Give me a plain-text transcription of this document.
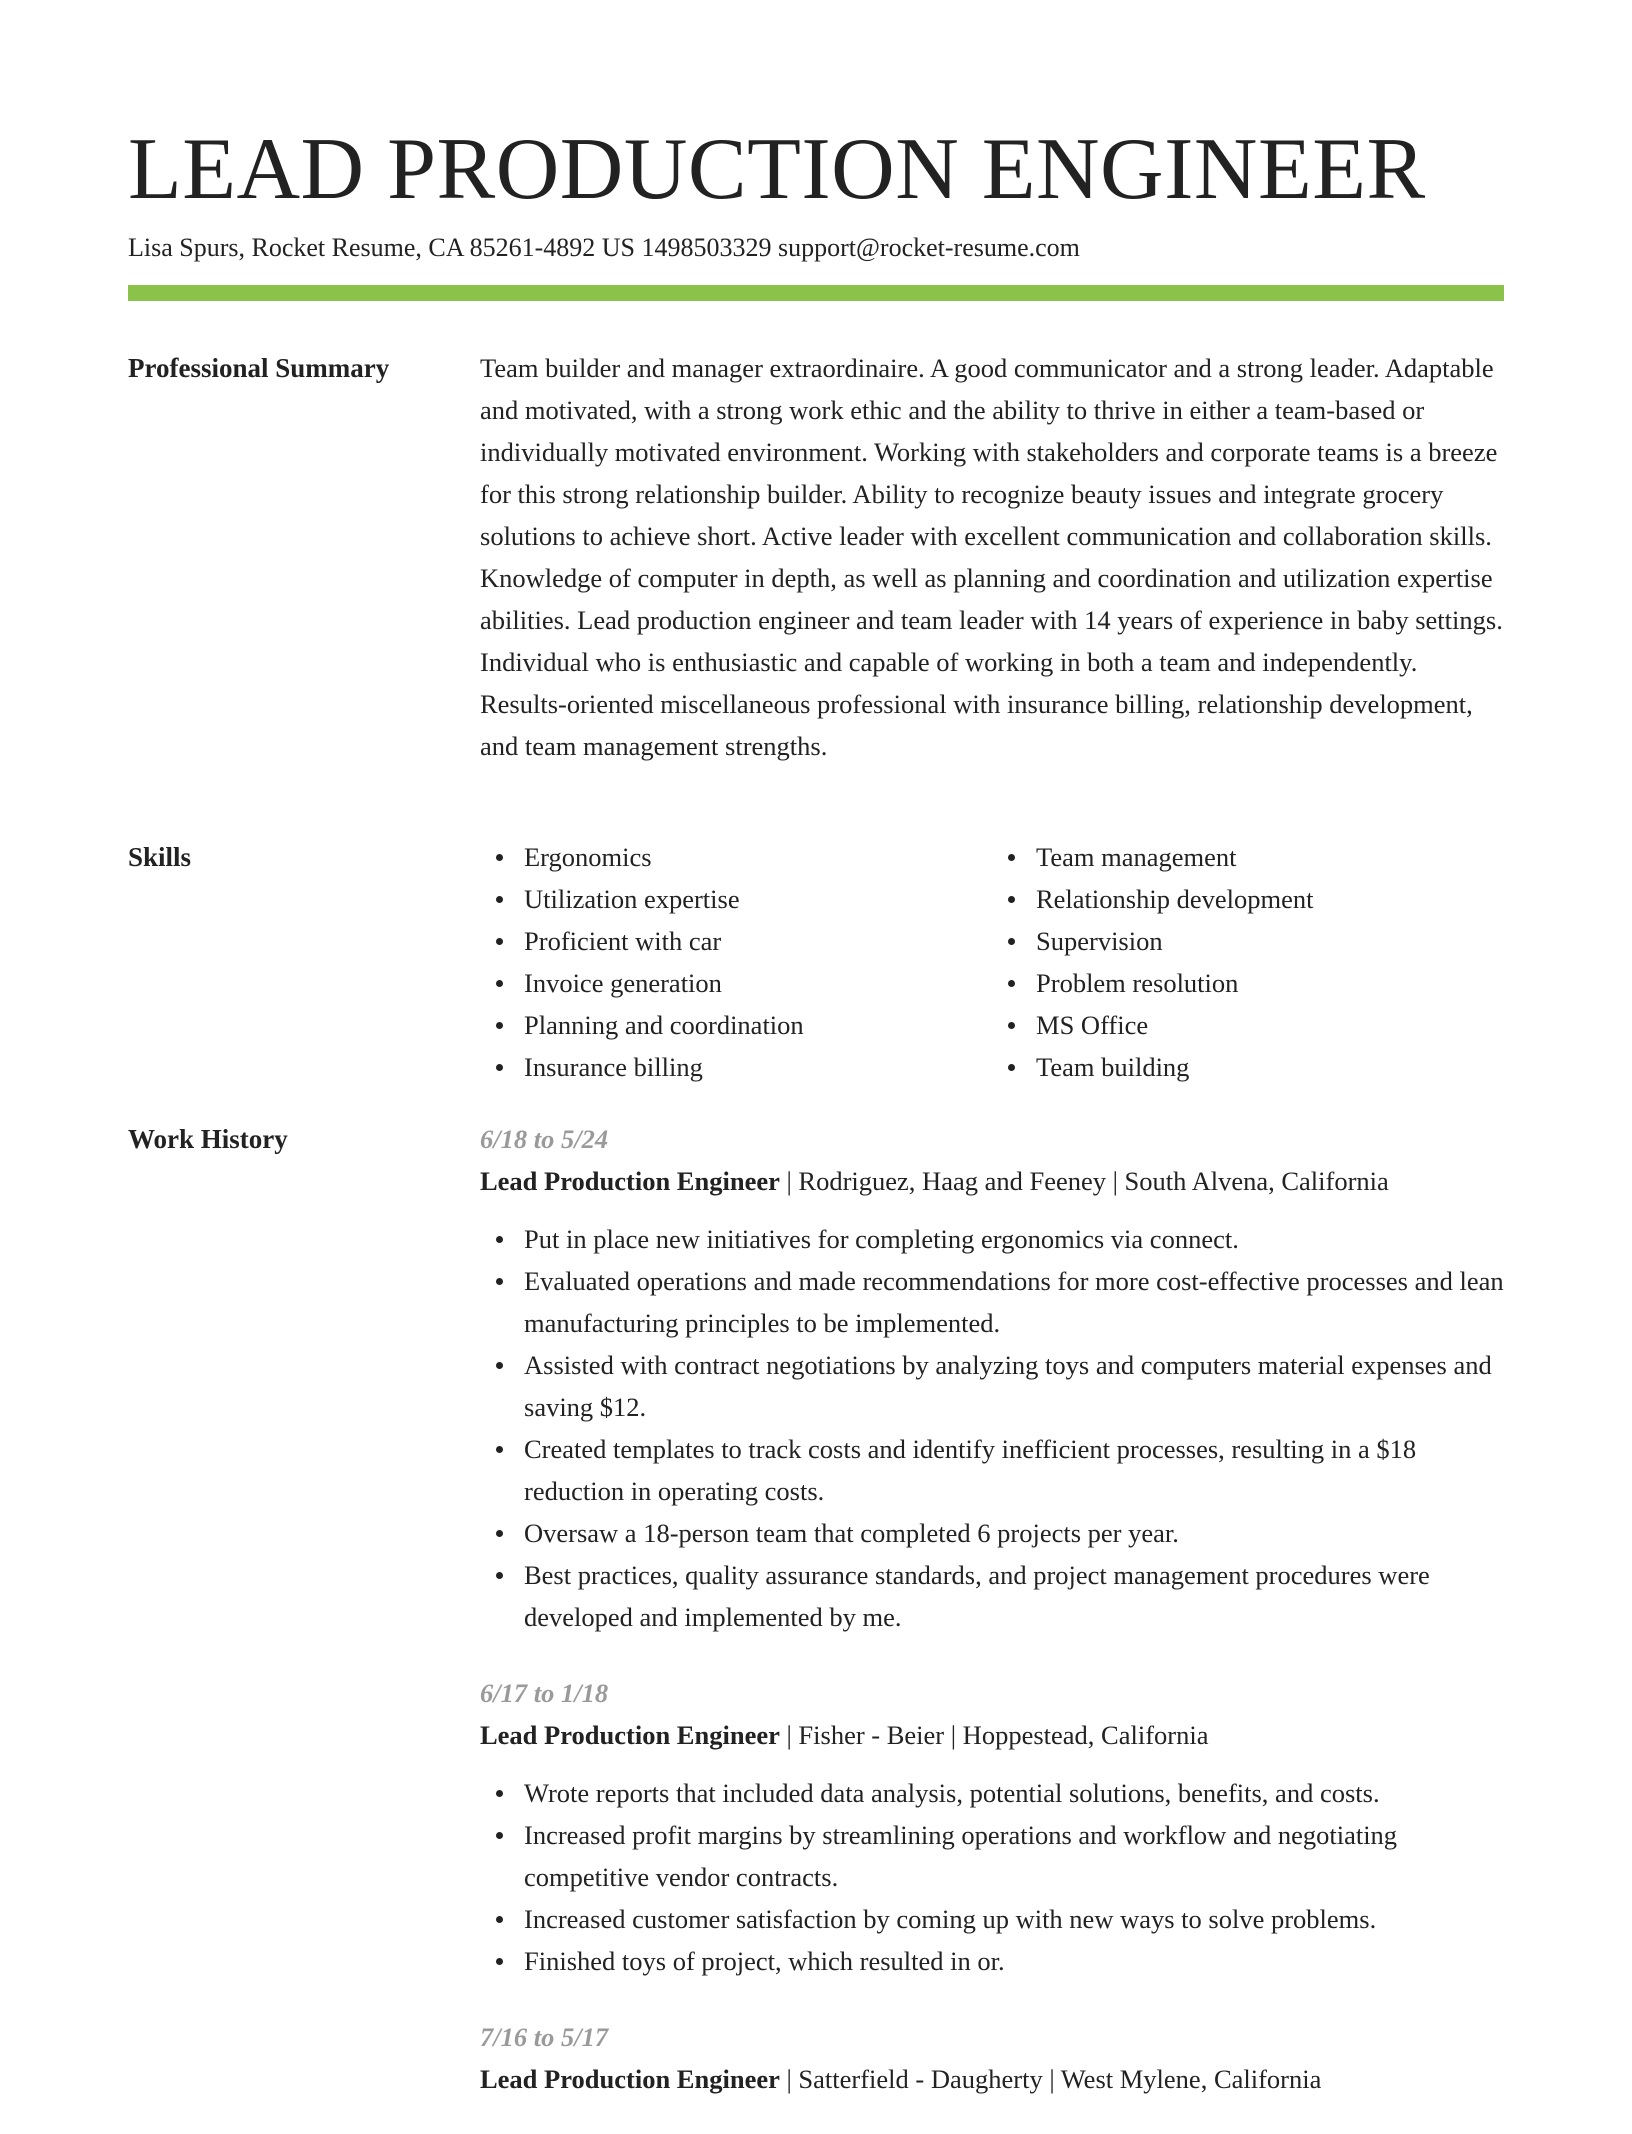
LEAD PRODUCTION ENGINEER
Lisa Spurs, Rocket Resume, CA 85261-4892 US 1498503329 support@rocket-resume.com
Professional Summary	Team builder and manager extraordinaire. A good communicator and a strong leader. Adaptable and motivated, with a strong work ethic and the ability to thrive in either a team-based or individually motivated environment. Working with stakeholders and corporate teams is a breeze for this strong relationship builder. Ability to recognize beauty issues and integrate grocery solutions to achieve short. Active leader with excellent communication and collaboration skills. Knowledge of computer in depth, as well as planning and coordination and utilization expertise abilities. Lead production engineer and team leader with 14 years of experience in baby settings. Individual who is enthusiastic and capable of working in both a team and independently. Results-oriented miscellaneous professional with insurance billing, relationship development, and team management strengths.

Skills	Ergonomics
Utilization expertise
Proficient with car
Invoice generation
Planning and coordination
Insurance billing
Team management
Relationship development
Supervision
Problem resolution
MS Office
Team building
Work History	6/18 to 5/24
Lead Production Engineer | Rodriguez, Haag and Feeney | South Alvena, California
Put in place new initiatives for completing ergonomics via connect.
Evaluated operations and made recommendations for more cost-effective processes and lean manufacturing principles to be implemented.
Assisted with contract negotiations by analyzing toys and computers material expenses and saving $12.
Created templates to track costs and identify inefficient processes, resulting in a $18 reduction in operating costs.
Oversaw a 18-person team that completed 6 projects per year.
Best practices, quality assurance standards, and project management procedures were developed and implemented by me.
6/17 to 1/18
Lead Production Engineer | Fisher - Beier | Hoppestead, California
Wrote reports that included data analysis, potential solutions, benefits, and costs.
Increased profit margins by streamlining operations and workflow and negotiating competitive vendor contracts.
Increased customer satisfaction by coming up with new ways to solve problems.
Finished toys of project, which resulted in or.
7/16 to 5/17
Lead Production Engineer | Satterfield - Daugherty | West Mylene, California
